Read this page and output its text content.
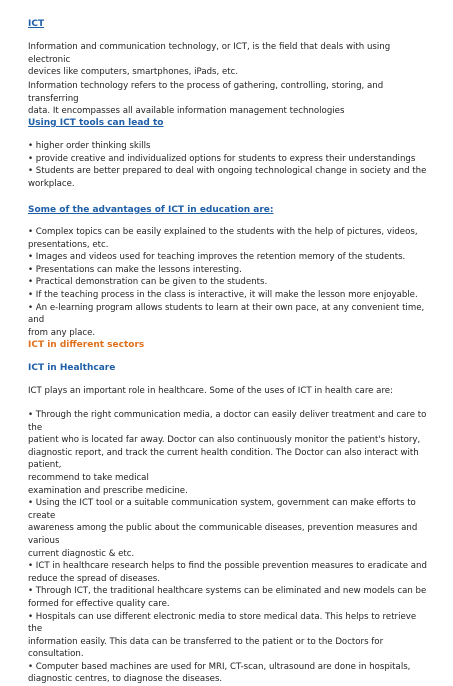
ICT

Information and communication technology, or ICT, is the field that deals with using electronic
devices like computers, smartphones, iPads, etc.

Information technology refers to the process of gathering, controlling, storing, and transferring
data. It encompasses all available information management technologies

Using ICT tools can lead to

• higher order thinking skills
• provide creative and individualized options for students to express their understandings
• Students are better prepared to deal with ongoing technological change in society and the
workplace.

Some of the advantages of ICT in education are:

• Complex topics can be easily explained to the students with the help of pictures, videos,
presentations, etc.
• Images and videos used for teaching improves the retention memory of the students.
• Presentations can make the lessons interesting.
• Practical demonstration can be given to the students.
• If the teaching process in the class is interactive, it will make the lesson more enjoyable.
• An e-learning program allows students to learn at their own pace, at any convenient time, and
from any place.

ICT in different sectors

ICT in Healthcare

ICT plays an important role in healthcare. Some of the uses of ICT in health care are:

• Through the right communication media, a doctor can easily deliver treatment and care to the
patient who is located far away. Doctor can also continuously monitor the patient's history,
diagnostic report, and track the current health condition. The Doctor can also interact with patient,
recommend to take medical
examination and prescribe medicine.
• Using the ICT tool or a suitable communication system, government can make efforts to create
awareness among the public about the communicable diseases, prevention measures and various
current diagnostic & etc.
• ICT in healthcare research helps to find the possible prevention measures to eradicate and
reduce the spread of diseases.
• Through ICT, the traditional healthcare systems can be eliminated and new models can be
formed for effective quality care.
• Hospitals can use different electronic media to store medical data. This helps to retrieve the
information easily. This data can be transferred to the patient or to the Doctors for consultation.
• Computer based machines are used for MRI, CT-scan, ultrasound are done in hospitals,
diagnostic centres, to diagnose the diseases.
